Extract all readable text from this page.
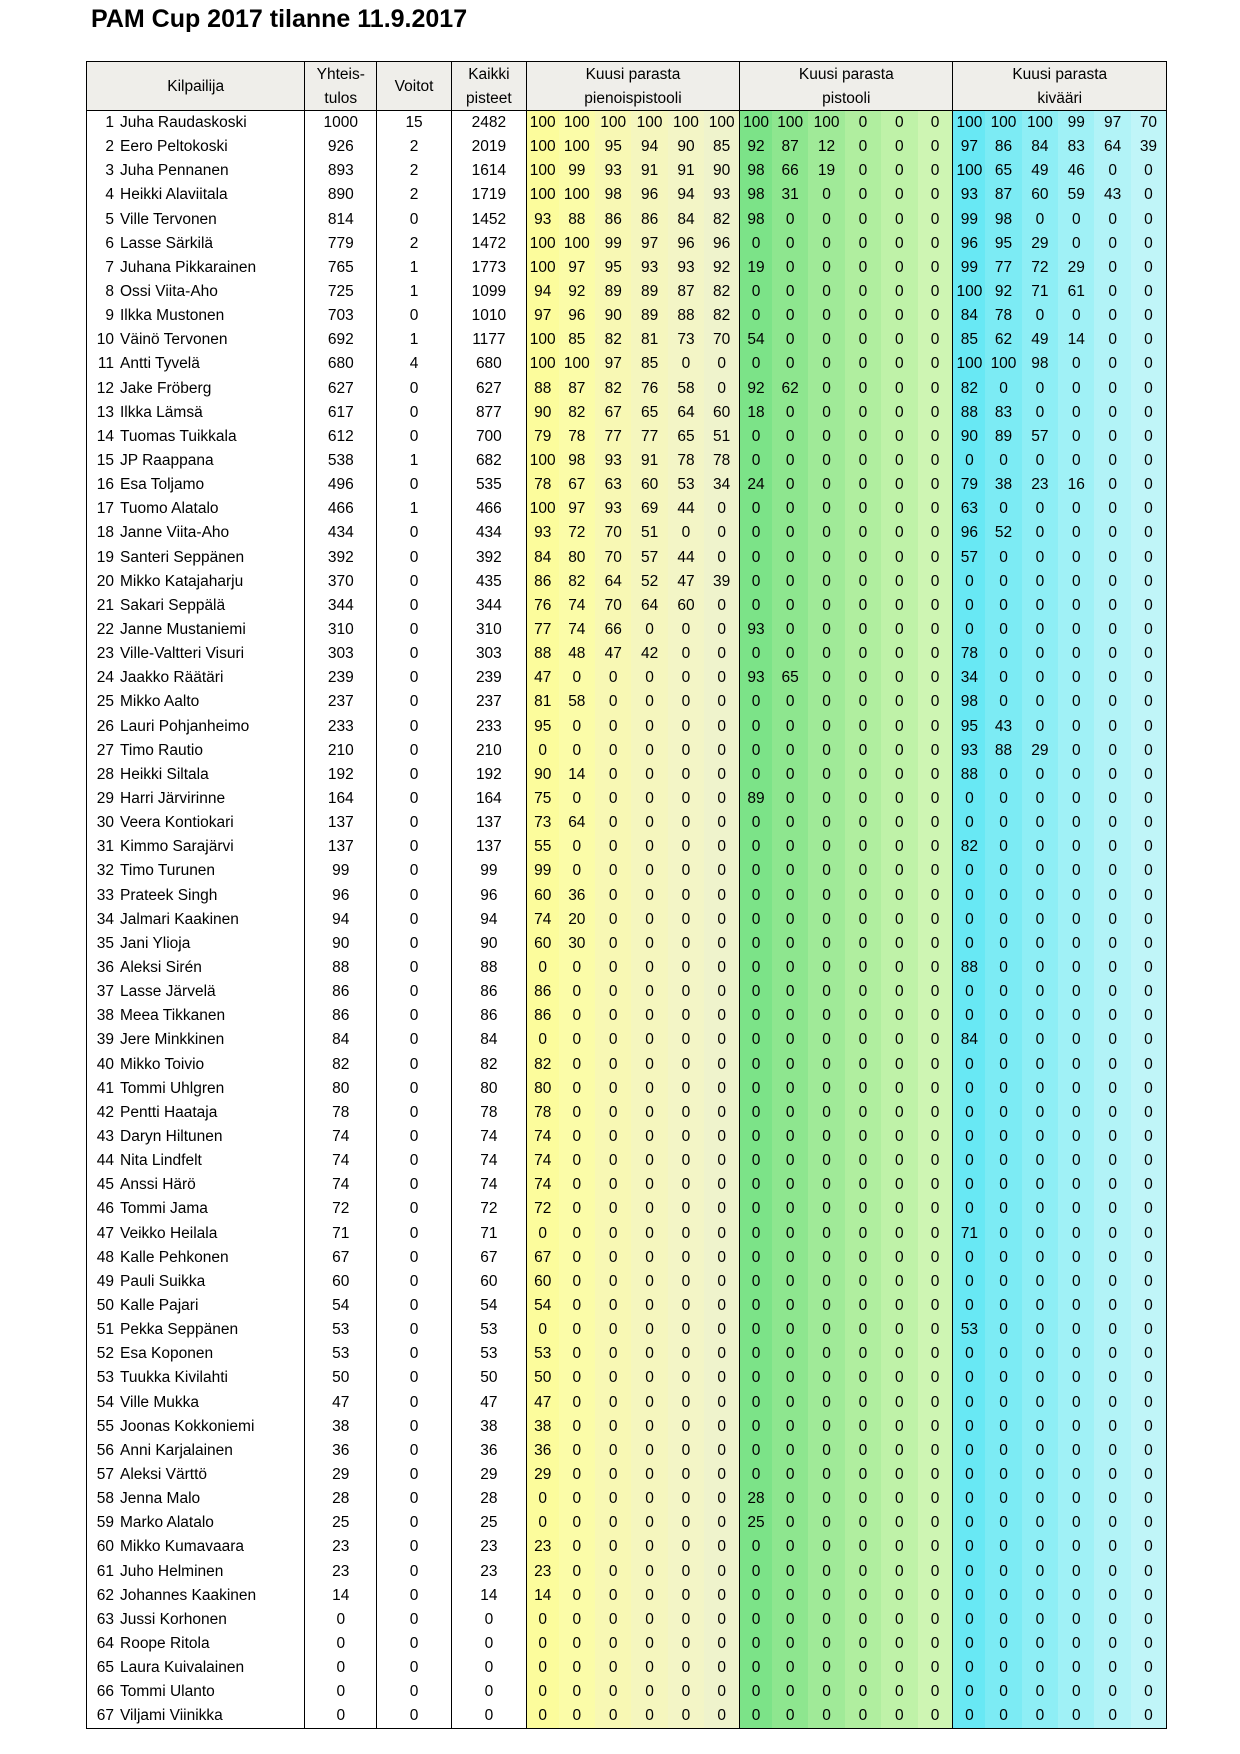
PAM Cup 2017 tilanne 11.9.2017
Kilpailija	Yhteis-	Voitot	Kaikki	Kuusi parasta						Kuusi parasta						Kuusi parasta					
	tulos		pisteet	pienoispistooli						pistooli						kivääri					
1 Juha Raudaskoski	1000	15	2482	100	100	100	100	100	100	100	100	100	0	0	0	100	100	100	99	97	70
2 Eero Peltokoski	926	2	2019	100	100	95	94	90	85	92	87	12	0	0	0	97	86	84	83	64	39
3 Juha Pennanen	893	2	1614	100	99	93	91	91	90	98	66	19	0	0	0	100	65	49	46	0	0
4 Heikki Alaviitala	890	2	1719	100	100	98	96	94	93	98	31	0	0	0	0	93	87	60	59	43	0
5 Ville Tervonen	814	0	1452	93	88	86	86	84	82	98	0	0	0	0	0	99	98	0	0	0	0
6 Lasse Särkilä	779	2	1472	100	100	99	97	96	96	0	0	0	0	0	0	96	95	29	0	0	0
7 Juhana Pikkarainen	765	1	1773	100	97	95	93	93	92	19	0	0	0	0	0	99	77	72	29	0	0
8 Ossi Viita-Aho	725	1	1099	94	92	89	89	87	82	0	0	0	0	0	0	100	92	71	61	0	0
9 Ilkka Mustonen	703	0	1010	97	96	90	89	88	82	0	0	0	0	0	0	84	78	0	0	0	0
10 Väinö Tervonen	692	1	1177	100	85	82	81	73	70	54	0	0	0	0	0	85	62	49	14	0	0
11 Antti Tyvelä	680	4	680	100	100	97	85	0	0	0	0	0	0	0	0	100	100	98	0	0	0
12 Jake Fröberg	627	0	627	88	87	82	76	58	0	92	62	0	0	0	0	82	0	0	0	0	0
13 Ilkka Lämsä	617	0	877	90	82	67	65	64	60	18	0	0	0	0	0	88	83	0	0	0	0
14 Tuomas Tuikkala	612	0	700	79	78	77	77	65	51	0	0	0	0	0	0	90	89	57	0	0	0
15 JP Raappana	538	1	682	100	98	93	91	78	78	0	0	0	0	0	0	0	0	0	0	0	0
16 Esa Toljamo	496	0	535	78	67	63	60	53	34	24	0	0	0	0	0	79	38	23	16	0	0
17 Tuomo Alatalo	466	1	466	100	97	93	69	44	0	0	0	0	0	0	0	63	0	0	0	0	0
18 Janne Viita-Aho	434	0	434	93	72	70	51	0	0	0	0	0	0	0	0	96	52	0	0	0	0
19 Santeri Seppänen	392	0	392	84	80	70	57	44	0	0	0	0	0	0	0	57	0	0	0	0	0
20 Mikko Katajaharju	370	0	435	86	82	64	52	47	39	0	0	0	0	0	0	0	0	0	0	0	0
21 Sakari Seppälä	344	0	344	76	74	70	64	60	0	0	0	0	0	0	0	0	0	0	0	0	0
22 Janne Mustaniemi	310	0	310	77	74	66	0	0	0	93	0	0	0	0	0	0	0	0	0	0	0
23 Ville-Valtteri Visuri	303	0	303	88	48	47	42	0	0	0	0	0	0	0	0	78	0	0	0	0	0
24 Jaakko Räätäri	239	0	239	47	0	0	0	0	0	93	65	0	0	0	0	34	0	0	0	0	0
25 Mikko Aalto	237	0	237	81	58	0	0	0	0	0	0	0	0	0	0	98	0	0	0	0	0
26 Lauri Pohjanheimo	233	0	233	95	0	0	0	0	0	0	0	0	0	0	0	95	43	0	0	0	0
27 Timo Rautio	210	0	210	0	0	0	0	0	0	0	0	0	0	0	0	93	88	29	0	0	0
28 Heikki Siltala	192	0	192	90	14	0	0	0	0	0	0	0	0	0	0	88	0	0	0	0	0
29 Harri Järvirinne	164	0	164	75	0	0	0	0	0	89	0	0	0	0	0	0	0	0	0	0	0
30 Veera Kontiokari	137	0	137	73	64	0	0	0	0	0	0	0	0	0	0	0	0	0	0	0	0
31 Kimmo Sarajärvi	137	0	137	55	0	0	0	0	0	0	0	0	0	0	0	82	0	0	0	0	0
32 Timo Turunen	99	0	99	99	0	0	0	0	0	0	0	0	0	0	0	0	0	0	0	0	0
33 Prateek Singh	96	0	96	60	36	0	0	0	0	0	0	0	0	0	0	0	0	0	0	0	0
34 Jalmari Kaakinen	94	0	94	74	20	0	0	0	0	0	0	0	0	0	0	0	0	0	0	0	0
35 Jani Ylioja	90	0	90	60	30	0	0	0	0	0	0	0	0	0	0	0	0	0	0	0	0
36 Aleksi Sirén	88	0	88	0	0	0	0	0	0	0	0	0	0	0	0	88	0	0	0	0	0
37 Lasse Järvelä	86	0	86	86	0	0	0	0	0	0	0	0	0	0	0	0	0	0	0	0	0
38 Meea Tikkanen	86	0	86	86	0	0	0	0	0	0	0	0	0	0	0	0	0	0	0	0	0
39 Jere Minkkinen	84	0	84	0	0	0	0	0	0	0	0	0	0	0	0	84	0	0	0	0	0
40 Mikko Toivio	82	0	82	82	0	0	0	0	0	0	0	0	0	0	0	0	0	0	0	0	0
41 Tommi Uhlgren	80	0	80	80	0	0	0	0	0	0	0	0	0	0	0	0	0	0	0	0	0
42 Pentti Haataja	78	0	78	78	0	0	0	0	0	0	0	0	0	0	0	0	0	0	0	0	0
43 Daryn Hiltunen	74	0	74	74	0	0	0	0	0	0	0	0	0	0	0	0	0	0	0	0	0
44 Nita Lindfelt	74	0	74	74	0	0	0	0	0	0	0	0	0	0	0	0	0	0	0	0	0
45 Anssi Härö	74	0	74	74	0	0	0	0	0	0	0	0	0	0	0	0	0	0	0	0	0
46 Tommi Jama	72	0	72	72	0	0	0	0	0	0	0	0	0	0	0	0	0	0	0	0	0
47 Veikko Heilala	71	0	71	0	0	0	0	0	0	0	0	0	0	0	0	71	0	0	0	0	0
48 Kalle Pehkonen	67	0	67	67	0	0	0	0	0	0	0	0	0	0	0	0	0	0	0	0	0
49 Pauli Suikka	60	0	60	60	0	0	0	0	0	0	0	0	0	0	0	0	0	0	0	0	0
50 Kalle Pajari	54	0	54	54	0	0	0	0	0	0	0	0	0	0	0	0	0	0	0	0	0
51 Pekka Seppänen	53	0	53	0	0	0	0	0	0	0	0	0	0	0	0	53	0	0	0	0	0
52 Esa Koponen	53	0	53	53	0	0	0	0	0	0	0	0	0	0	0	0	0	0	0	0	0
53 Tuukka Kivilahti	50	0	50	50	0	0	0	0	0	0	0	0	0	0	0	0	0	0	0	0	0
54 Ville Mukka	47	0	47	47	0	0	0	0	0	0	0	0	0	0	0	0	0	0	0	0	0
55 Joonas Kokkoniemi	38	0	38	38	0	0	0	0	0	0	0	0	0	0	0	0	0	0	0	0	0
56 Anni Karjalainen	36	0	36	36	0	0	0	0	0	0	0	0	0	0	0	0	0	0	0	0	0
57 Aleksi Värttö	29	0	29	29	0	0	0	0	0	0	0	0	0	0	0	0	0	0	0	0	0
58 Jenna Malo	28	0	28	0	0	0	0	0	0	28	0	0	0	0	0	0	0	0	0	0	0
59 Marko Alatalo	25	0	25	0	0	0	0	0	0	25	0	0	0	0	0	0	0	0	0	0	0
60 Mikko Kumavaara	23	0	23	23	0	0	0	0	0	0	0	0	0	0	0	0	0	0	0	0	0
61 Juho Helminen	23	0	23	23	0	0	0	0	0	0	0	0	0	0	0	0	0	0	0	0	0
62 Johannes Kaakinen	14	0	14	14	0	0	0	0	0	0	0	0	0	0	0	0	0	0	0	0	0
63 Jussi Korhonen	0	0	0	0	0	0	0	0	0	0	0	0	0	0	0	0	0	0	0	0	0
64 Roope Ritola	0	0	0	0	0	0	0	0	0	0	0	0	0	0	0	0	0	0	0	0	0
65 Laura Kuivalainen	0	0	0	0	0	0	0	0	0	0	0	0	0	0	0	0	0	0	0	0	0
66 Tommi Ulanto	0	0	0	0	0	0	0	0	0	0	0	0	0	0	0	0	0	0	0	0	0
67 Viljami Viinikka	0	0	0	0	0	0	0	0	0	0	0	0	0	0	0	0	0	0	0	0	0
